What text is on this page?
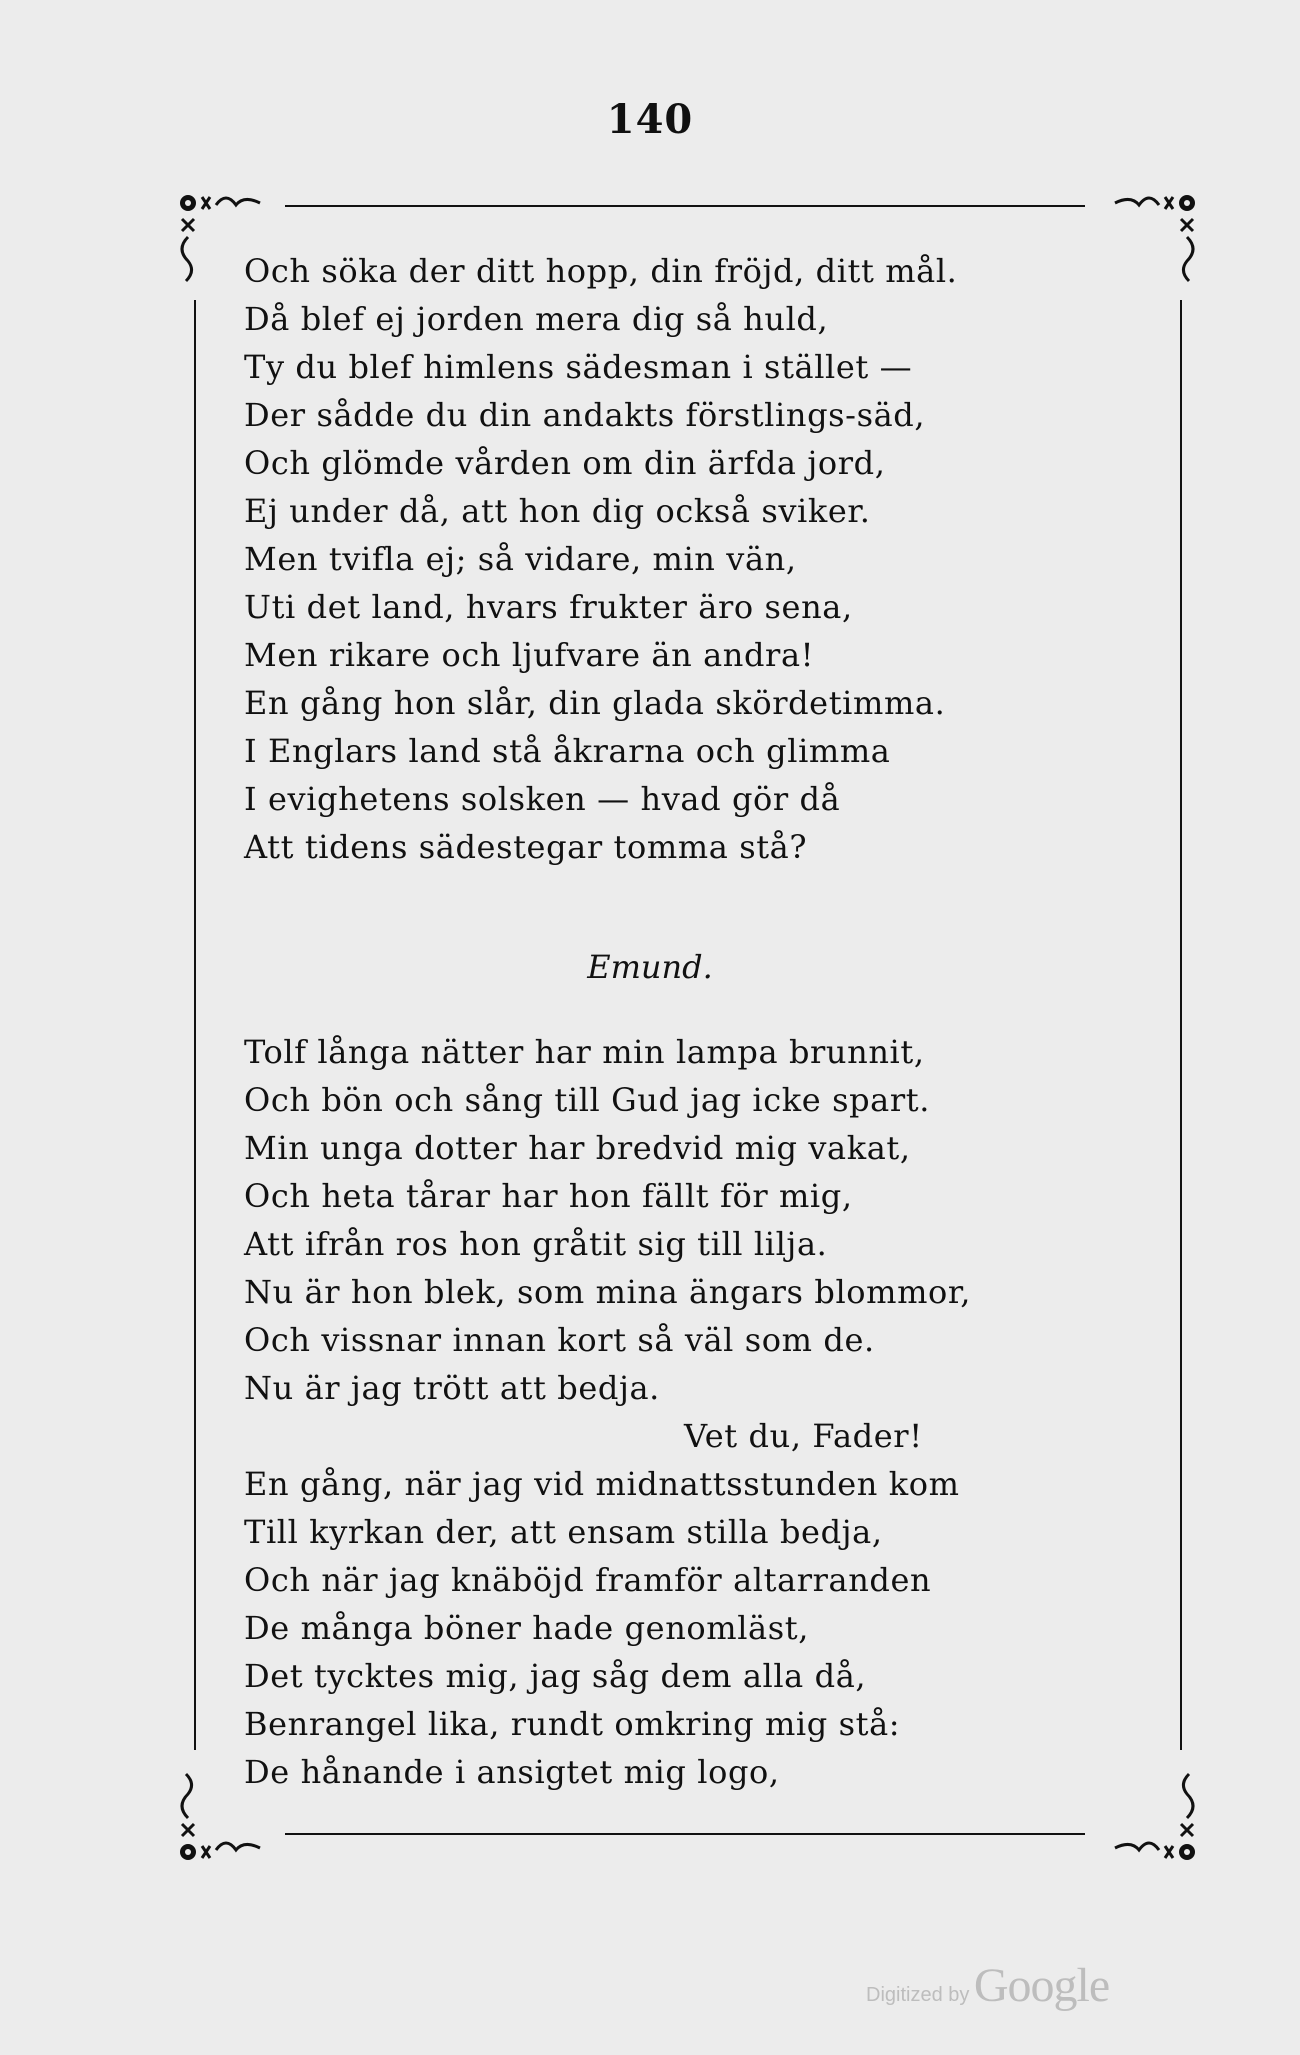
140
Och söka der ditt hopp, din fröjd, ditt mål.
Då blef ej jorden mera dig så huld,
Ty du blef himlens sädesman i stället —
Der sådde du din andakts förstlings-säd,
Och glömde vården om din ärfda jord,
Ej under då, att hon dig också sviker.
Men tvifla ej; så vidare, min vän,
Uti det land, hvars frukter äro sena,
Men rikare och ljufvare än andra!
En gång hon slår, din glada skördetimma.
I Englars land stå åkrarna och glimma
I evighetens solsken — hvad gör då
Att tidens sädestegar tomma stå?
Emund.
Tolf långa nätter har min lampa brunnit,
Och bön och sång till Gud jag icke spart.
Min unga dotter har bredvid mig vakat,
Och heta tårar har hon fällt för mig,
Att ifrån ros hon gråtit sig till lilja.
Nu är hon blek, som mina ängars blommor,
Och vissnar innan kort så väl som de.
Nu är jag trött att bedja.
Vet du, Fader!
En gång, när jag vid midnattsstunden kom
Till kyrkan der, att ensam stilla bedja,
Och när jag knäböjd framför altarranden
De många böner hade genomläst,
Det tycktes mig, jag såg dem alla då,
Benrangel lika, rundt omkring mig stå:
De hånande i ansigtet mig logo,
Digitized by Google
